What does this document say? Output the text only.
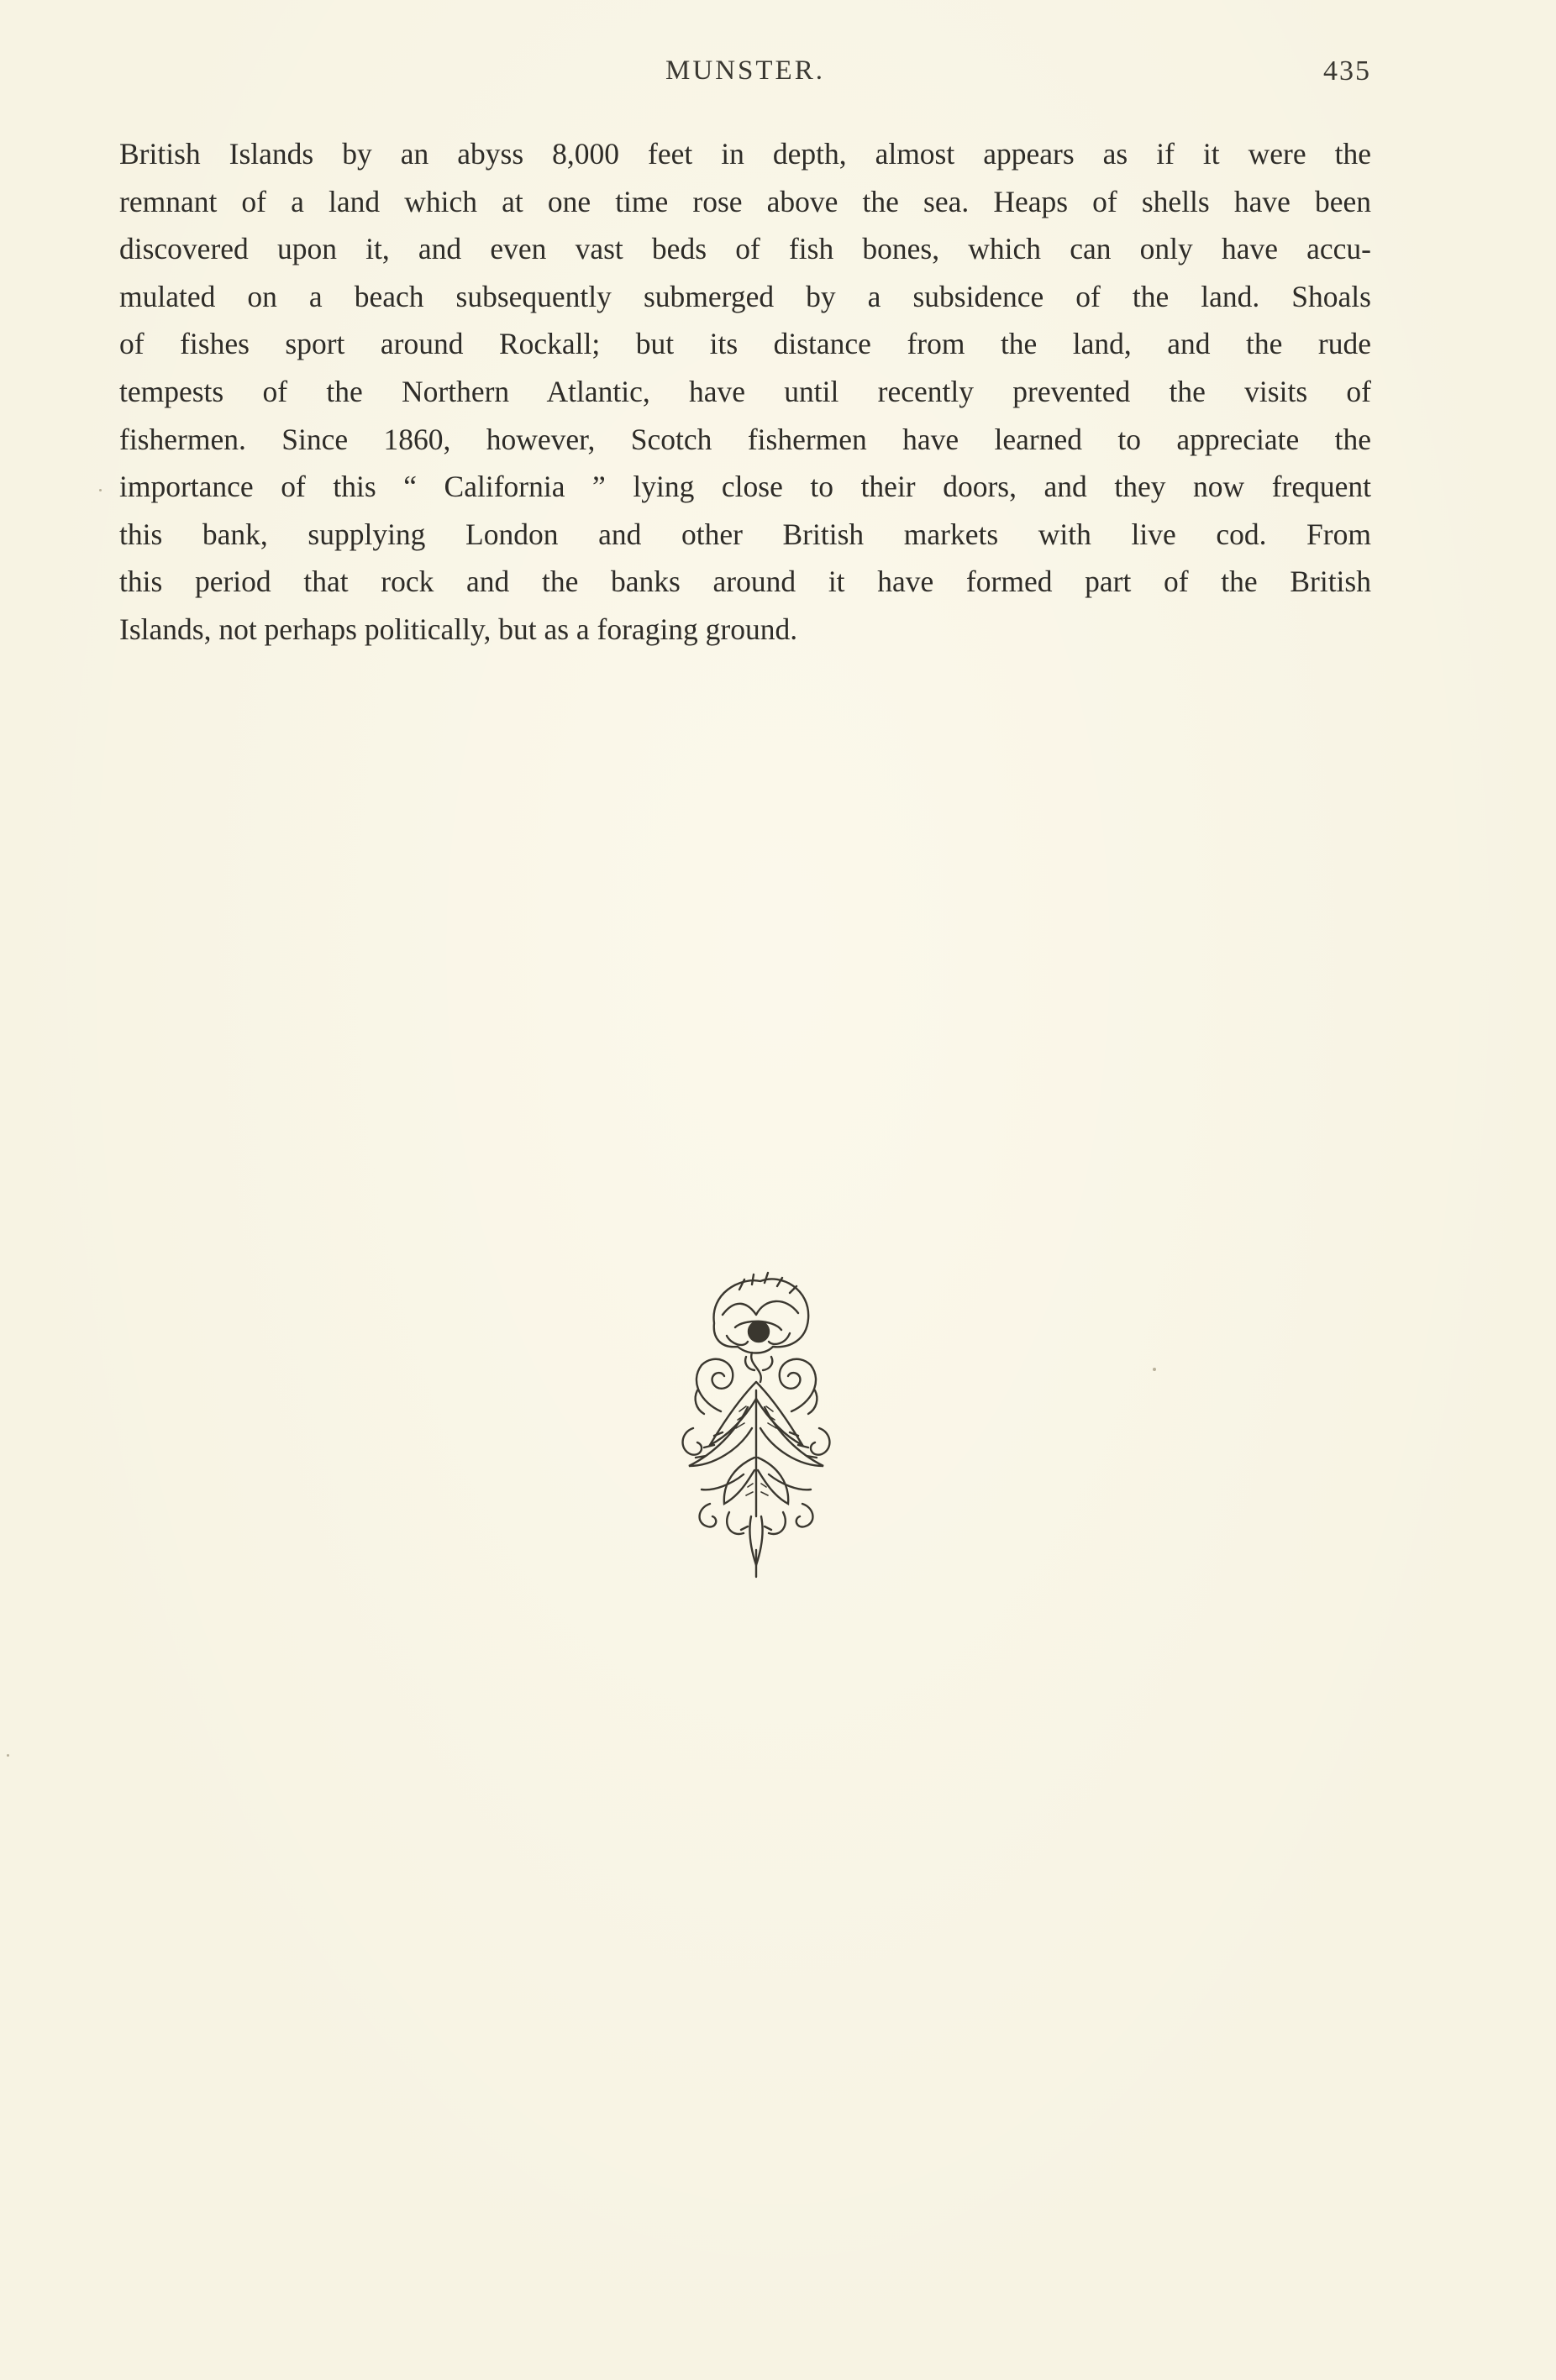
MUNSTER.	435
British Islands by an abyss 8,000 feet in depth, almost appears as if it were the
remnant of a land which at one time rose above the sea. Heaps of shells have been
discovered upon it, and even vast beds of fish bones, which can only have accu-
mulated on a beach subsequently submerged by a subsidence of the land. Shoals
of fishes sport around Rockall; but its distance from the land, and the rude
tempests of the Northern Atlantic, have until recently prevented the visits of
fishermen. Since 1860, however, Scotch fishermen have learned to appreciate the
importance of this “ California ” lying close to their doors, and they now frequent
this bank, supplying London and other British markets with live cod. From
this period that rock and the banks around it have formed part of the British
Islands, not perhaps politically, but as a foraging ground.
